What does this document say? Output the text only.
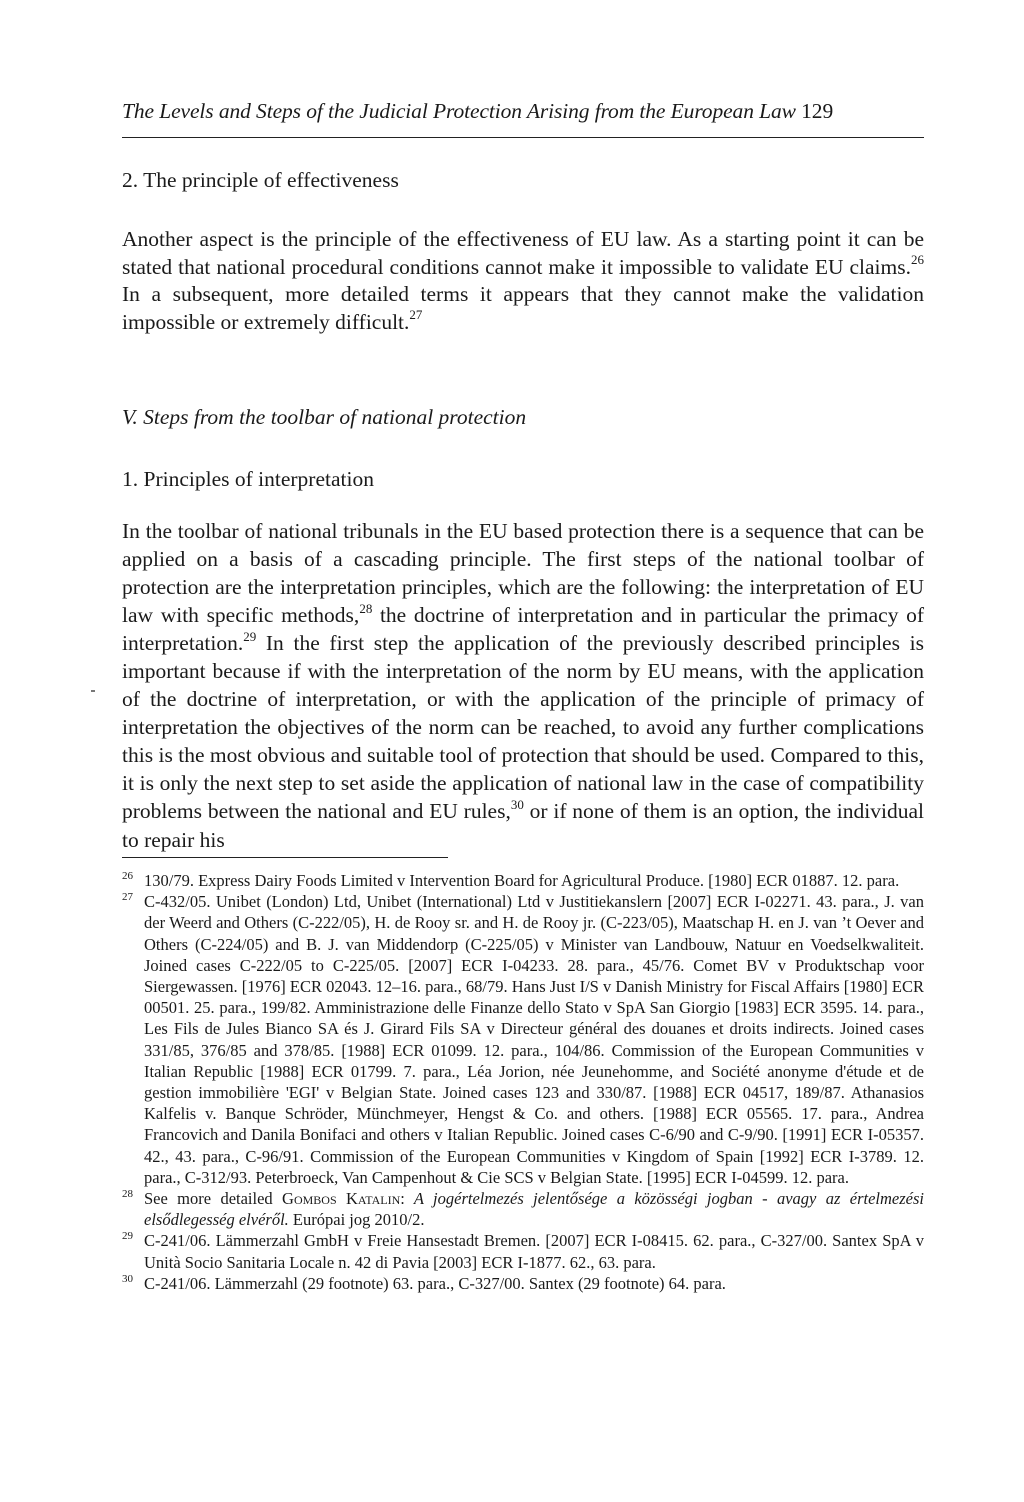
The Levels and Steps of the Judicial Protection Arising from the European Law 129
2. The principle of effectiveness

Another aspect is the principle of the effectiveness of EU law. As a starting point it can be stated that national procedural conditions cannot make it impossible to validate EU claims.$^{26}$ In a subsequent, more detailed terms it appears that they cannot make the validation impossible or extremely difficult.$^{27}$

V. Steps from the toolbar of national protection
1. Principles of interpretation

In the toolbar of national tribunals in the EU based protection there is a sequence that can be applied on a basis of a cascading principle. The first steps of the national toolbar of protection are the interpretation principles, which are the following: the interpretation of EU law with specific methods,$^{28}$ the doctrine of interpretation and in particular the primacy of interpretation.$^{29}$ In the first step the application of the previously described principles is important because if with the interpretation of the norm by EU means, with the application of the doctrine of interpretation, or with the application of the principle of primacy of interpretation the objectives of the norm can be reached, to avoid any further complications this is the most obvious and suitable tool of protection that should be used. Compared to this, it is only the next step to set aside the application of national law in the case of compatibility problems between the national and EU rules,$^{30}$ or if none of them is an option, the individual to repair his

26 130/79. Express Dairy Foods Limited v Intervention Board for Agricultural Produce. [1980] ECR 01887. 12. para.
27 C-432/05. Unibet (London) Ltd, Unibet (International) Ltd v Justitiekanslern [2007] ECR I-02271. 43. para., J. van der Weerd and Others (C-222/05), H. de Rooy sr. and H. de Rooy jr. (C-223/05), Maatschap H. en J. van ’t Oever and Others (C-224/05) and B. J. van Middendorp (C-225/05) v Minister van Landbouw, Natuur en Voedselkwaliteit. Joined cases C-222/05 to C-225/05. [2007] ECR I-04233. 28. para., 45/76. Comet BV v Produktschap voor Siergewassen. [1976] ECR 02043. 12–16. para., 68/79. Hans Just I/S v Danish Ministry for Fiscal Affairs [1980] ECR 00501. 25. para., 199/82. Amministrazione delle Finanze dello Stato v SpA San Giorgio [1983] ECR 3595. 14. para., Les Fils de Jules Bianco SA és J. Girard Fils SA v Directeur général des douanes et droits indirects. Joined cases 331/85, 376/85 and 378/85. [1988] ECR 01099. 12. para., 104/86. Commission of the European Communities v Italian Republic [1988] ECR 01799. 7. para., Léa Jorion, née Jeunehomme, and Société anonyme d'étude et de gestion immobilière 'EGI' v Belgian State. Joined cases 123 and 330/87. [1988] ECR 04517, 189/87. Athanasios Kalfelis v. Banque Schröder, Münchmeyer, Hengst & Co. and others. [1988] ECR 05565. 17. para., Andrea Francovich and Danila Bonifaci and others v Italian Republic. Joined cases C-6/90 and C-9/90. [1991] ECR I-05357. 42., 43. para., C-96/91. Commission of the European Communities v Kingdom of Spain [1992] ECR I-3789. 12. para., C-312/93. Peterbroeck, Van Campenhout & Cie SCS v Belgian State. [1995] ECR I-04599. 12. para.
28 See more detailed Gombos Katalin: A jogértelmezés jelentősége a közösségi jogban - avagy az értelmezési elsődlegesség elvéről. Európai jog 2010/2.
29 C-241/06. Lämmerzahl GmbH v Freie Hansestadt Bremen. [2007] ECR I-08415. 62. para., C-327/00. Santex SpA v Unità Socio Sanitaria Locale n. 42 di Pavia [2003] ECR I-1877. 62., 63. para.
30 C-241/06. Lämmerzahl (29 footnote) 63. para., C-327/00. Santex (29 footnote) 64. para.
